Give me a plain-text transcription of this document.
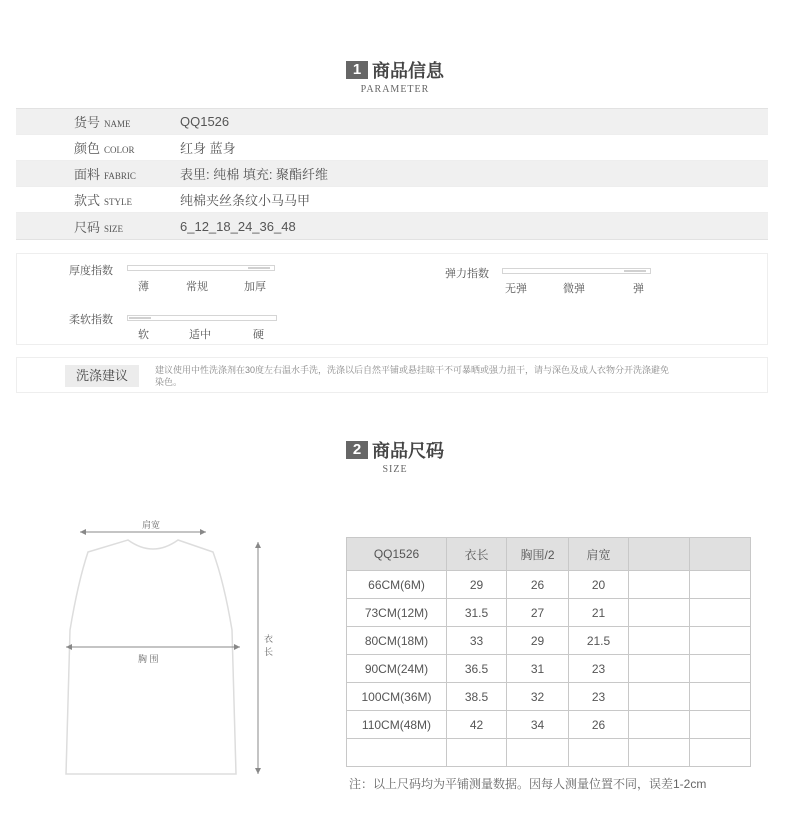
1 商品信息
PARAMETER
货号 NAME	QQ1526
颜色 COLOR	红身 蓝身
面料 FABRIC	表里: 纯棉 填充: 聚酯纤维
款式 STYLE	纯棉夹丝条纹小马马甲
尺码 SIZE	6_12_18_24_36_48
厚度指数
薄	常规	加厚
弹力指数
无弹	微弹	弹
柔软指数
软	适中	硬
洗涤建议	建议使用中性洗涤剂在30度左右温水手洗，洗涤以后自然平铺或悬挂晾干不可暴晒或强力扭干，请与深色及成人衣物分开洗涤避免染色。
2 商品尺码
SIZE
肩宽
胸 围
衣
长
QQ1526	衣长	胸围/2	肩宽		
66CM(6M)	29	26	20		
73CM(12M)	31.5	27	21		
80CM(18M)	33	29	21.5		
90CM(24M)	36.5	31	23		
100CM(36M)	38.5	32	23		
110CM(48M)	42	34	26		

注：以上尺码均为平铺测量数据。因每人测量位置不同，误差1-2cm
